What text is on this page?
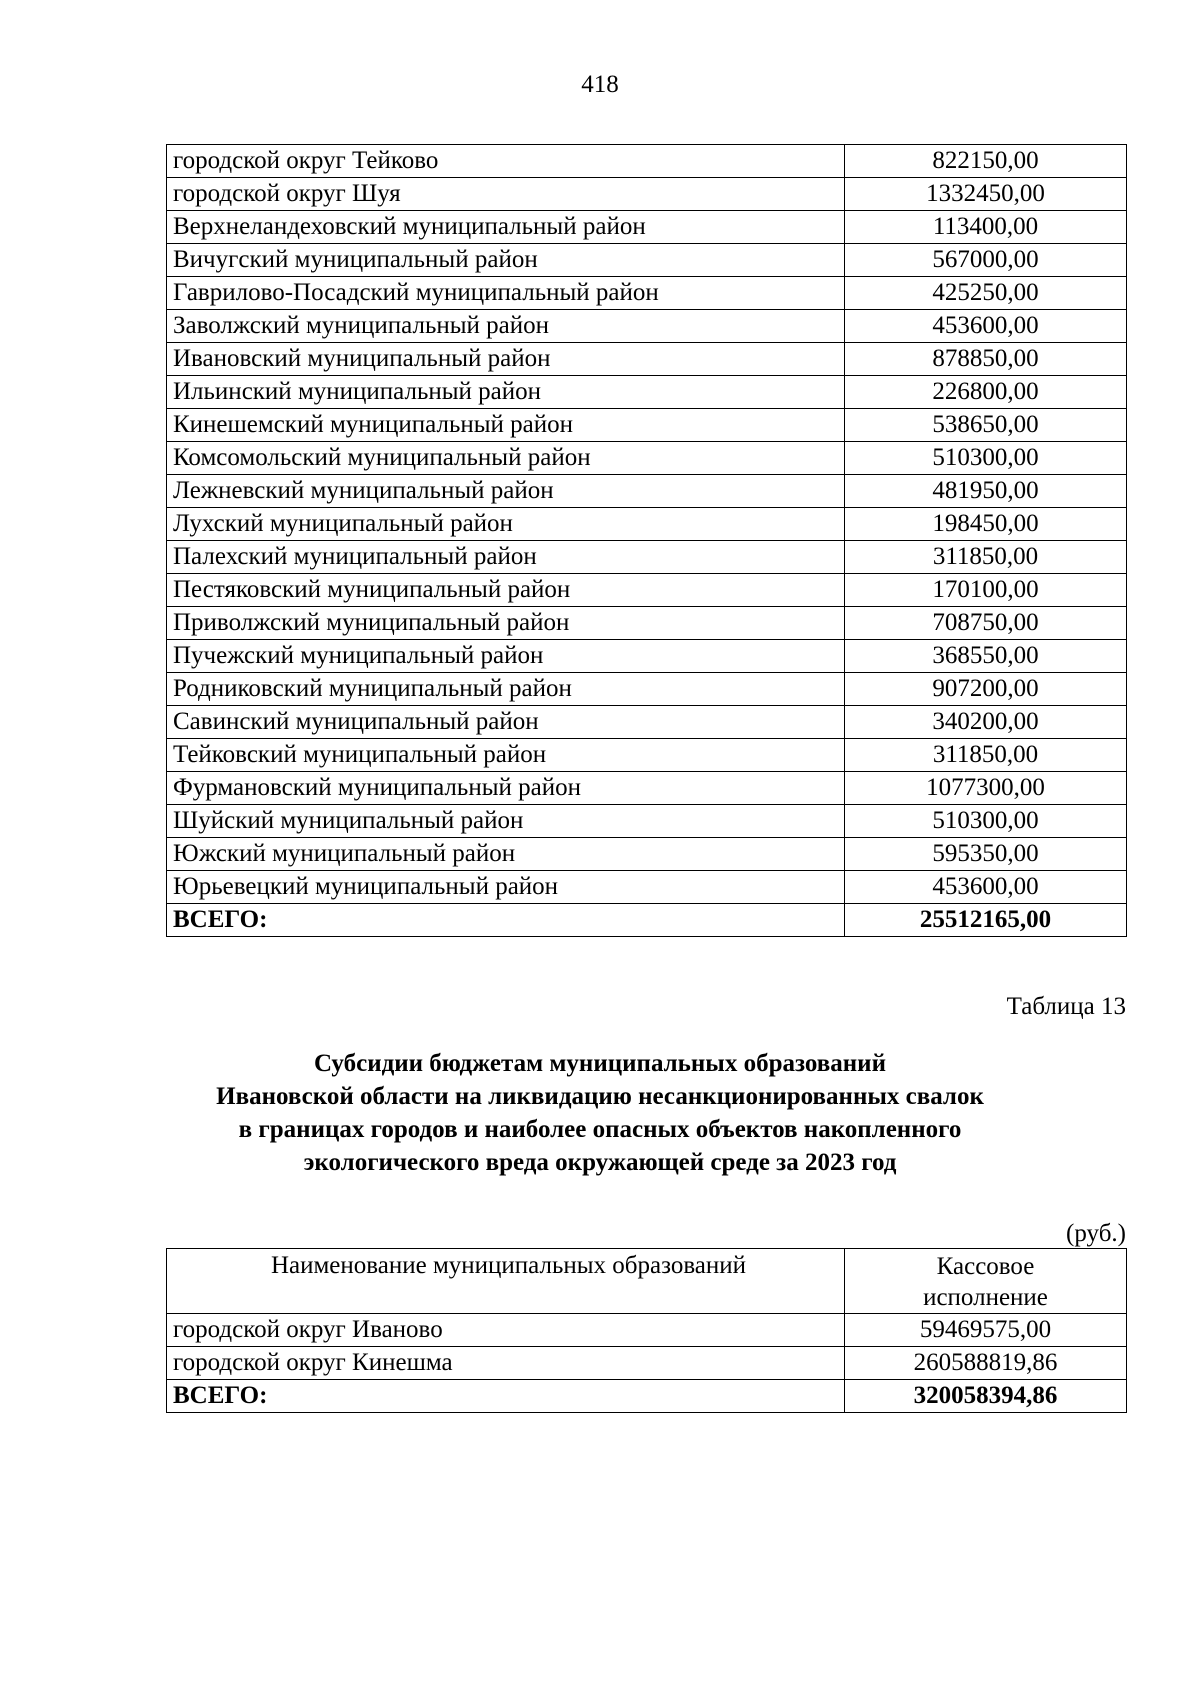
418
городской округ Тейково	822150,00
городской округ Шуя	1332450,00
Верхнеландеховский муниципальный район	113400,00
Вичугский муниципальный район	567000,00
Гаврилово-Посадский муниципальный район	425250,00
Заволжский муниципальный район	453600,00
Ивановский муниципальный район	878850,00
Ильинский муниципальный район	226800,00
Кинешемский муниципальный район	538650,00
Комсомольский муниципальный район	510300,00
Лежневский муниципальный район	481950,00
Лухский муниципальный район	198450,00
Палехский муниципальный район	311850,00
Пестяковский муниципальный район	170100,00
Приволжский муниципальный район	708750,00
Пучежский муниципальный район	368550,00
Родниковский муниципальный район	907200,00
Савинский муниципальный район	340200,00
Тейковский муниципальный район	311850,00
Фурмановский муниципальный район	1077300,00
Шуйский муниципальный район	510300,00
Южский муниципальный район	595350,00
Юрьевецкий муниципальный район	453600,00
ВСЕГО:	25512165,00
Таблица 13
Субсидии бюджетам муниципальных образований
Ивановской области на ликвидацию несанкционированных свалок
в границах городов и наиболее опасных объектов накопленного
экологического вреда окружающей среде за 2023 год
(руб.)
Наименование муниципальных образований	Кассовое
исполнение

городской округ Иваново	59469575,00
городской округ Кинешма	260588819,86
ВСЕГО:	320058394,86
